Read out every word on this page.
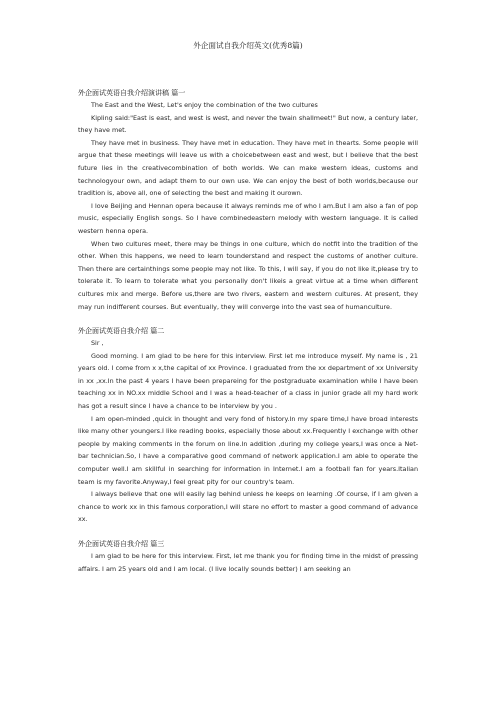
外企面试自我介绍英文(优秀8篇)
外企面试英语自我介绍演讲稿 篇一

The East and the West, Let's enjoy the combination of the two cultures

Kipling said:"East is east, and west is west, and never the twain shallmeet!" But now, a century later, they have met.

They have met in business. They have met in education. They have met in thearts. Some people will argue that these meetings will leave us with a choicebetween east and west, but I believe that the best future lies in the creativecombination of both worlds. We can make western ideas, customs and technologyour own, and adapt them to our own use. We can enjoy the best of both worlds,because our tradition is, above all, one of selecting the best and making it ourown.

I love Beijing and Hennan opera because it always reminds me of who I am.But I am also a fan of pop music, especially English songs. So I have combinedeastern melody with western language. It is called western henna opera.

When two cultures meet, there may be things in one culture, which do notfit into the tradition of the other. When this happens, we need to learn tounderstand and respect the customs of another culture. Then there are certainthings some people may not like. To this, I will say, if you do not like it,please try to tolerate it. To learn to tolerate what you personally don't likeis a great virtue at a time when different cultures mix and merge. Before us,there are two rivers, eastern and western cultures. At present, they may run indifferent courses. But eventually, they will converge into the vast sea of humanculture.

外企面试英语自我介绍 篇二

Sir ,

Good morning. I am glad to be here for this interview. First let me introduce myself. My name is , 21 years old. I come from x x,the capital of xx Province. I graduated from the xx department of xx University in xx ,xx.In the past 4 years I have been prepareing for the postgraduate examination while I have been teaching xx in NO.xx middle School and I was a head-teacher of a class in junior grade all my hard work has got a result since I have a chance to be interview by you .

I am open-minded ,quick in thought and very fond of history.In my spare time,I have broad interests like many other youngers.I like reading books, especially those about xx.Frequently I exchange with other people by making comments in the forum on line.In addition ,during my college years,I was once a Net-bar technician.So, I have a comparative good command of network application.I am able to operate the computer well.I am skillful in searching for information in Internet.I am a football fan for years.Italian team is my favorite.Anyway,I feel great pity for our country's team.

I always believe that one will easily lag behind unless he keeps on learning .Of course, if I am given a chance to work xx in this famous corporation,I will stare no effort to master a good command of advance xx.

外企面试英语自我介绍 篇三

I am glad to be here for this interview. First, let me thank you for finding time in the midst of pressing affairs. I am 25 years old and I am local. (I live locally sounds better) I am seeking an
